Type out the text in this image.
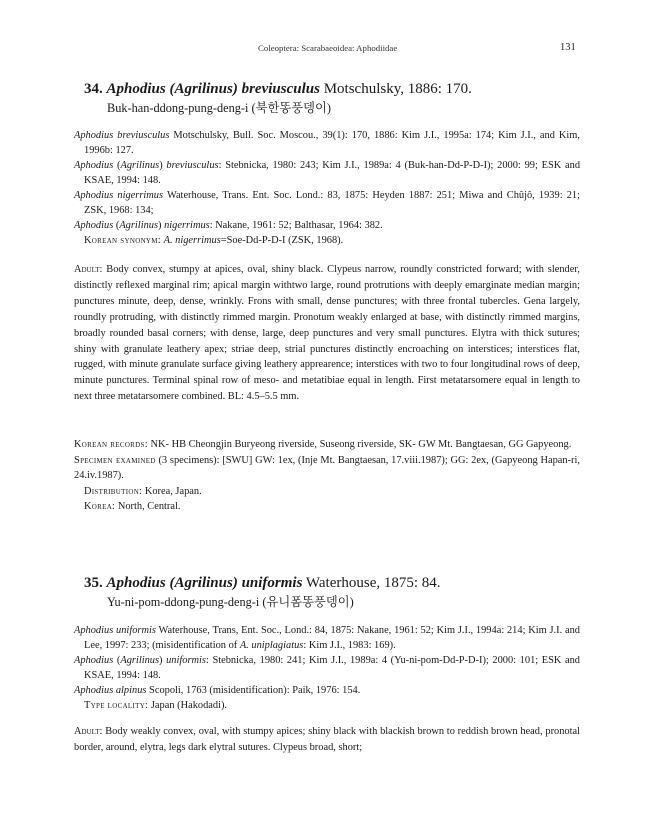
Coleoptera: Scarabaeoidea: Aphodiidae	131
34. Aphodius (Agrilinus) breviusculus Motschulsky, 1886: 170.
Buk-han-ddong-pung-deng-i (북한똥풍뎅이)
Aphodius breviusculus Motschulsky, Bull. Soc. Moscou., 39(1): 170, 1886: Kim J.I., 1995a: 174; Kim J.I., and Kim, 1996b: 127.
Aphodius (Agrilinus) breviusculus: Stebnicka, 1980: 243; Kim J.I., 1989a: 4 (Buk-han-Dd-P-D-I); 2000: 99; ESK and KSAE, 1994: 148.
Aphodius nigerrimus Waterhouse, Trans. Ent. Soc. Lond.: 83, 1875: Heyden 1887: 251; Miwa and Chûjô, 1939: 21; ZSK, 1968: 134;
Aphodius (Agrilinus) nigerrimus: Nakane, 1961: 52; Balthasar, 1964: 382.
Korean synonym: A. nigerrimus=Soe-Dd-P-D-I (ZSK, 1968).
Adult: Body convex, stumpy at apices, oval, shiny black. Clypeus narrow, roundly constricted forward; with slender, distinctly reflexed marginal rim; apical margin withtwo large, round protrutions with deeply emarginate median margin; punctures minute, deep, dense, wrinkly. Frons with small, dense punctures; with three frontal tubercles. Gena largely, roundly protruding, with distinctly rimmed margin. Pronotum weakly enlarged at base, with distinctly rimmed margins, broadly rounded basal corners; with dense, large, deep punctures and very small punctures. Elytra with thick sutures; shiny with granulate leathery apex; striae deep, strial punctures distinctly encroaching on interstices; interstices flat, rugged, with minute granulate surface giving leathery apprearence; interstices with two to four longitudinal rows of deep, minute punctures. Terminal spinal row of meso- and metatibiae equal in length. First metatarsomere equal in length to next three metatarsomere combined. BL: 4.5–5.5 mm.
Korean records: NK- HB Cheongjin Buryeong riverside, Suseong riverside, SK- GW Mt. Bangtaesan, GG Gapyeong.
Specimen examined (3 specimens): [SWU] GW: 1ex, (Inje Mt. Bangtaesan, 17.viii.1987); GG: 2ex, (Gapyeong Hapan-ri, 24.iv.1987).
Distribution: Korea, Japan.
Korea: North, Central.
35. Aphodius (Agrilinus) uniformis Waterhouse, 1875: 84.
Yu-ni-pom-ddong-pung-deng-i (유니폼똥풍뎅이)
Aphodius uniformis Waterhouse, Trans, Ent. Soc., Lond.: 84, 1875: Nakane, 1961: 52; Kim J.I., 1994a: 214; Kim J.I. and Lee, 1997: 233; (misidentification of A. uniplagiatus: Kim J.I., 1983: 169).
Aphodius (Agrilinus) uniformis: Stebnicka, 1980: 241; Kim J.I., 1989a: 4 (Yu-ni-pom-Dd-P-D-I); 2000: 101; ESK and KSAE, 1994: 148.
Aphodius alpinus Scopoli, 1763 (misidentification): Paik, 1976: 154.
Type locality: Japan (Hakodadi).
Adult: Body weakly convex, oval, with stumpy apices; shiny black with blackish brown to reddish brown head, pronotal border, around, elytra, legs dark elytral sutures. Clypeus broad, short;
